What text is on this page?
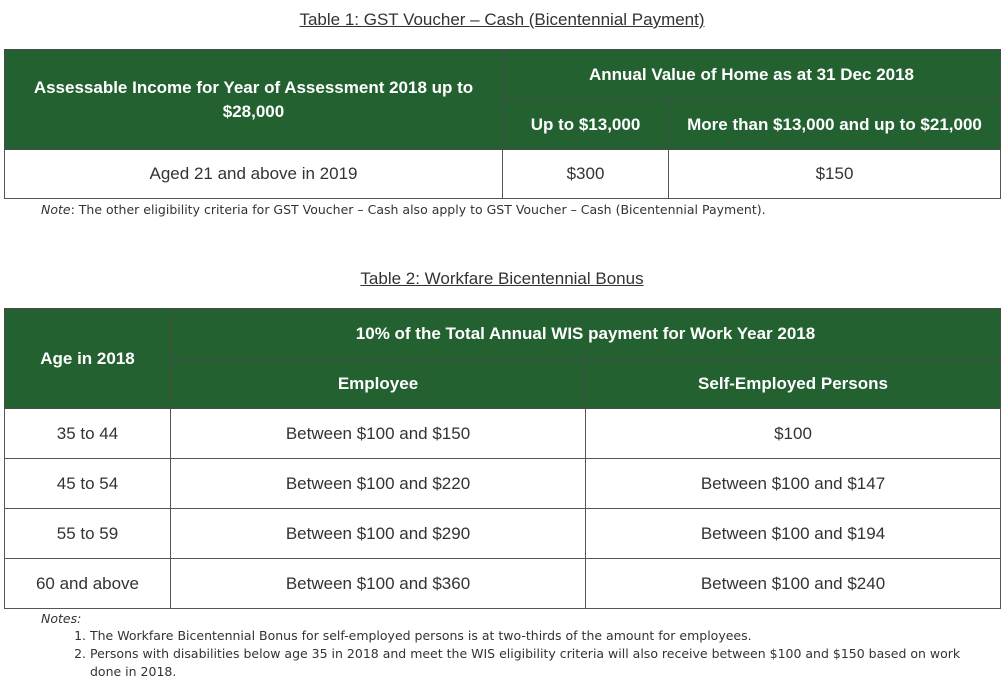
Table 1: GST Voucher – Cash (Bicentennial Payment)
Assessable Income for Year of Assessment 2018 up to $28,000	Annual Value of Home as at 31 Dec 2018	
	Up to $13,000	More than $13,000 and up to $21,000
Aged 21 and above in 2019	$300	$150
Note: The other eligibility criteria for GST Voucher – Cash also apply to GST Voucher – Cash (Bicentennial Payment).
Table 2: Workfare Bicentennial Bonus
Age in 2018	10% of the Total Annual WIS payment for Work Year 2018	
	Employee	Self-Employed Persons
35 to 44	Between $100 and $150	$100
45 to 54	Between $100 and $220	Between $100 and $147
55 to 59	Between $100 and $290	Between $100 and $194
60 and above	Between $100 and $360	Between $100 and $240
Notes:
1. The Workfare Bicentennial Bonus for self-employed persons is at two-thirds of the amount for employees.
2. Persons with disabilities below age 35 in 2018 and meet the WIS eligibility criteria will also receive between $100 and $150 based on work done in 2018.
